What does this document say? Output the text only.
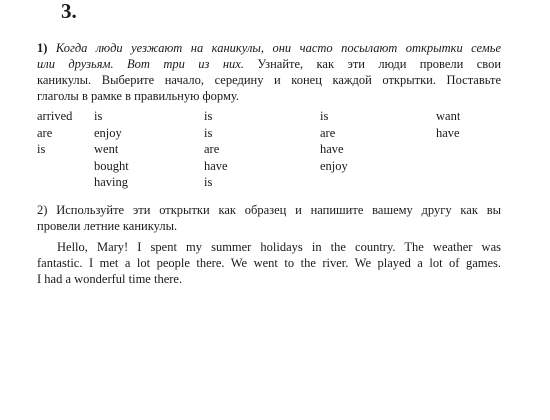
3.
1) Когда люди уезжают на каникулы, они часто посылают открытки семье
или друзьям. Вот три из них. Узнайте, как эти люди провели свои
каникулы. Выберите начало, середину и конец каждой открытки. Поставьте
глаголы в рамке в правильную форму.
arrived
are
is
is
enjoy
went
bought
having
is
is
are
have
is
is
are
have
enjoy
want
have
2) Используйте эти открытки как образец и напишите вашему другу как вы
провели летние каникулы.
Hello, Mary! I spent my summer holidays in the country. The weather was
fantastic. I met a lot people there. We went to the river. We played a lot of games.
I had a wonderful time there.
